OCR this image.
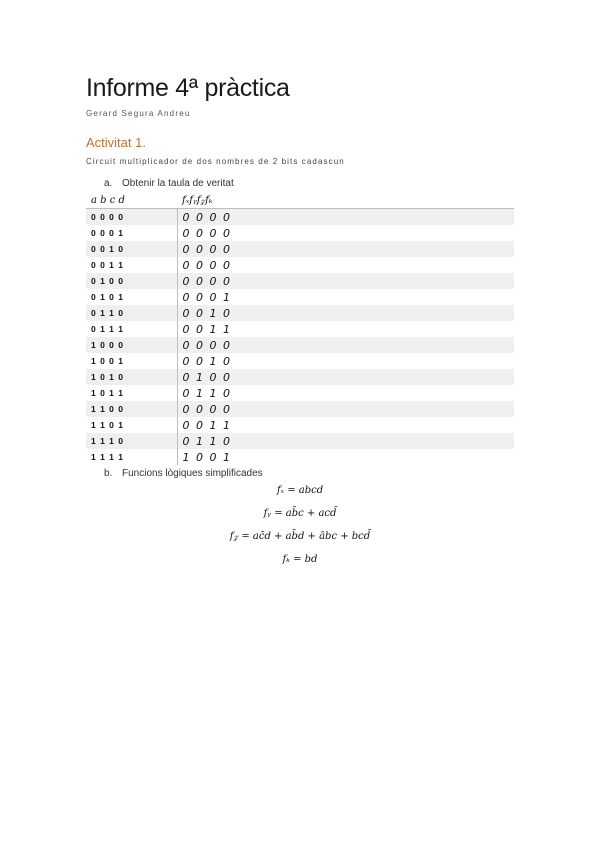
Informe 4ª pràctica
Gerard Segura Andreu
Activitat 1.
Circuit multiplicador de dos nombres de 2 bits cadascun
a. Obtenir la taula de veritat
a b c d	fₓfᵧf𝓏fₖ
0 0 0 0	0 0 0 0
0 0 0 1	0 0 0 0
0 0 1 0	0 0 0 0
0 0 1 1	0 0 0 0
0 1 0 0	0 0 0 0
0 1 0 1	0 0 0 1
0 1 1 0	0 0 1 0
0 1 1 1	0 0 1 1
1 0 0 0	0 0 0 0
1 0 0 1	0 0 1 0
1 0 1 0	0 1 0 0
1 0 1 1	0 1 1 0
1 1 0 0	0 0 0 0
1 1 0 1	0 0 1 1
1 1 1 0	0 1 1 0
1 1 1 1	1 0 0 1
b. Funcions lògiques simplificades
fₓ = abcd
fᵧ = ab̄c + acd̄
f𝓏 = ac̄d + ab̄d + ābc + bcd̄
fₖ = bd
